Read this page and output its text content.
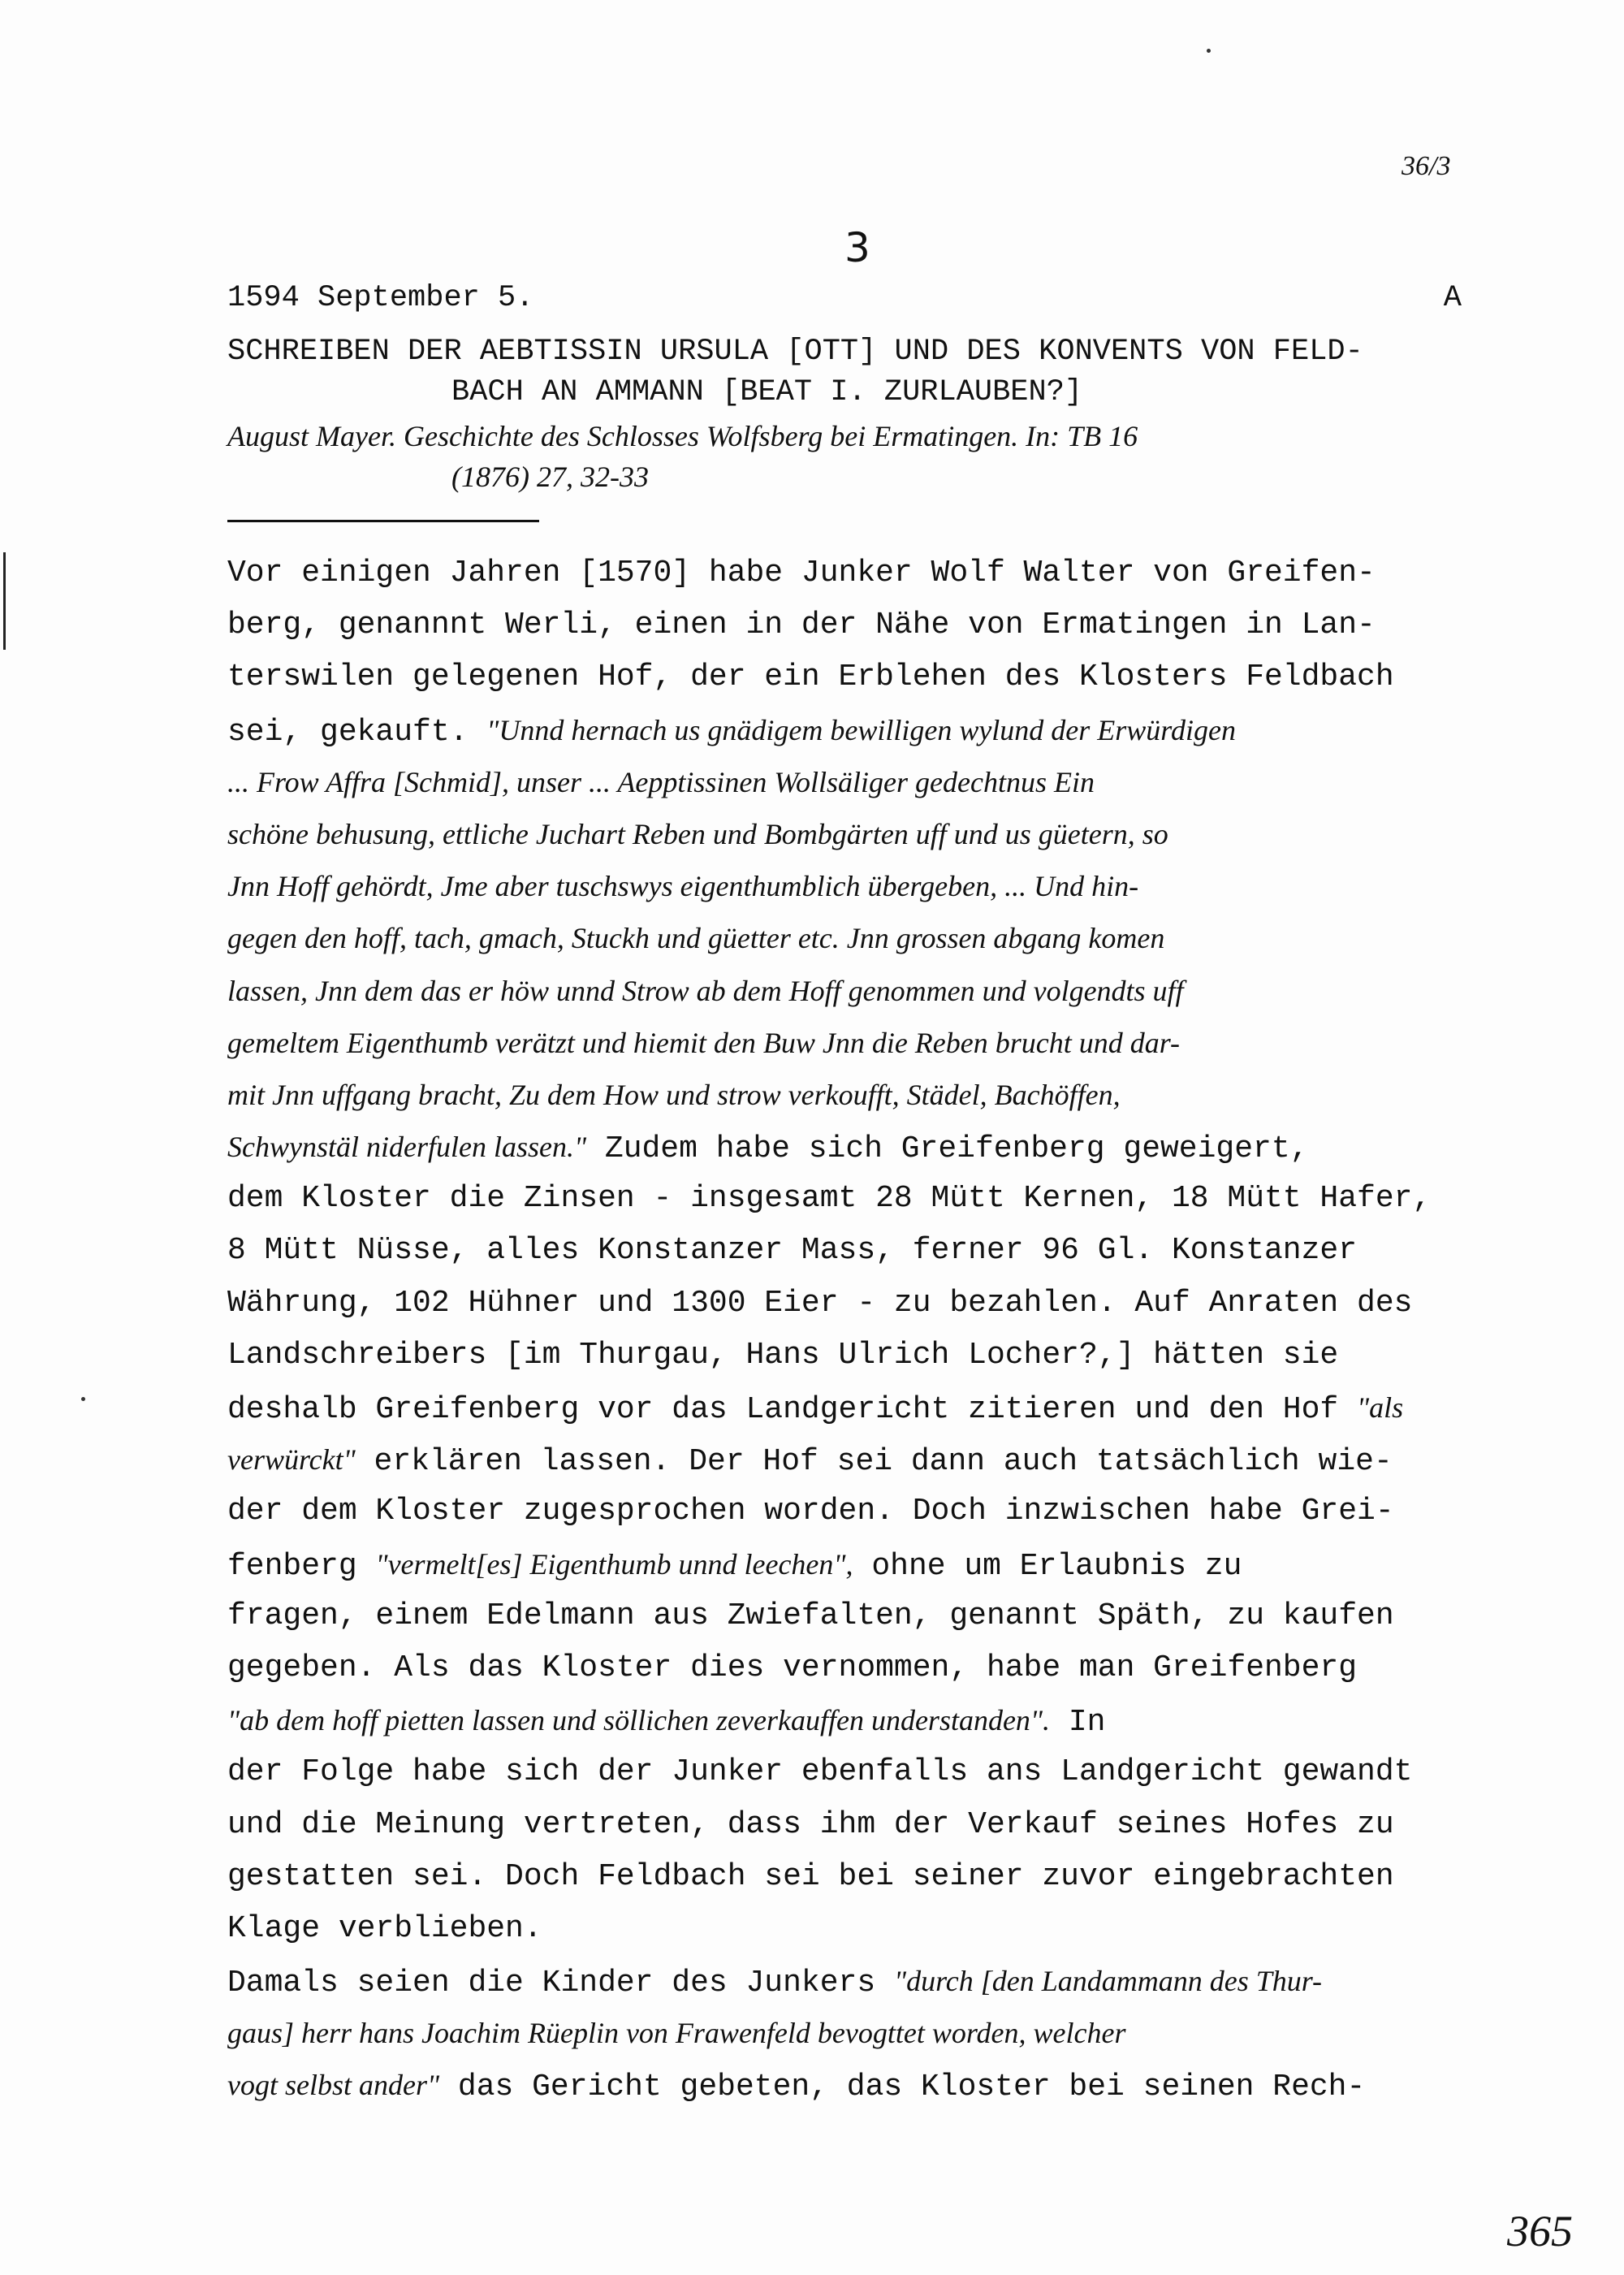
36/3
3
1594 September 5.	A
SCHREIBEN DER AEBTISSIN URSULA [OTT] UND DES KONVENTS VON FELD-
BACH AN AMMANN [BEAT I. ZURLAUBEN?]
August Mayer. Geschichte des Schlosses Wolfsberg bei Ermatingen. In: TB 16
(1876) 27, 32-33
Vor einigen Jahren [1570] habe Junker Wolf Walter von Greifen-
berg, genannnt Werli, einen in der Nähe von Ermatingen in Lan-
terswilen gelegenen Hof, der ein Erblehen des Klosters Feldbach
sei, gekauft. "Unnd hernach us gnädigem bewilligen wylund der Erwürdigen
... Frow Affra [Schmid], unser ... Aepptissinen Wollsäliger gedechtnus Ein
schöne behusung, ettliche Juchart Reben und Bombgärten uff und us güetern, so
Jnn Hoff gehördt, Jme aber tuschswys eigenthumblich übergeben, ... Und hin-
gegen den hoff, tach, gmach, Stuckh und güetter etc. Jnn grossen abgang komen
lassen, Jnn dem das er höw unnd Strow ab dem Hoff genommen und volgendts uff
gemeltem Eigenthumb verätzt und hiemit den Buw Jnn die Reben brucht und dar-
mit Jnn uffgang bracht, Zu dem How und strow verkoufft, Städel, Bachöffen,
Schwynstäl niderfulen lassen." Zudem habe sich Greifenberg geweigert,
dem Kloster die Zinsen - insgesamt 28 Mütt Kernen, 18 Mütt Hafer,
8 Mütt Nüsse, alles Konstanzer Mass, ferner 96 Gl. Konstanzer
Währung, 102 Hühner und 1300 Eier - zu bezahlen. Auf Anraten des
Landschreibers [im Thurgau, Hans Ulrich Locher?,] hätten sie
deshalb Greifenberg vor das Landgericht zitieren und den Hof "als
verwürckt" erklären lassen. Der Hof sei dann auch tatsächlich wie-
der dem Kloster zugesprochen worden. Doch inzwischen habe Grei-
fenberg "vermelt[es] Eigenthumb unnd leechen", ohne um Erlaubnis zu
fragen, einem Edelmann aus Zwiefalten, genannt Späth, zu kaufen
gegeben. Als das Kloster dies vernommen, habe man Greifenberg
"ab dem hoff pietten lassen und söllichen zeverkauffen understanden". In
der Folge habe sich der Junker ebenfalls ans Landgericht gewandt
und die Meinung vertreten, dass ihm der Verkauf seines Hofes zu
gestatten sei. Doch Feldbach sei bei seiner zuvor eingebrachten
Klage verblieben.
Damals seien die Kinder des Junkers "durch [den Landammann des Thur-
gaus] herr hans Joachim Rüeplin von Frawenfeld bevogttet worden, welcher
vogt selbst ander" das Gericht gebeten, das Kloster bei seinen Rech-
365
